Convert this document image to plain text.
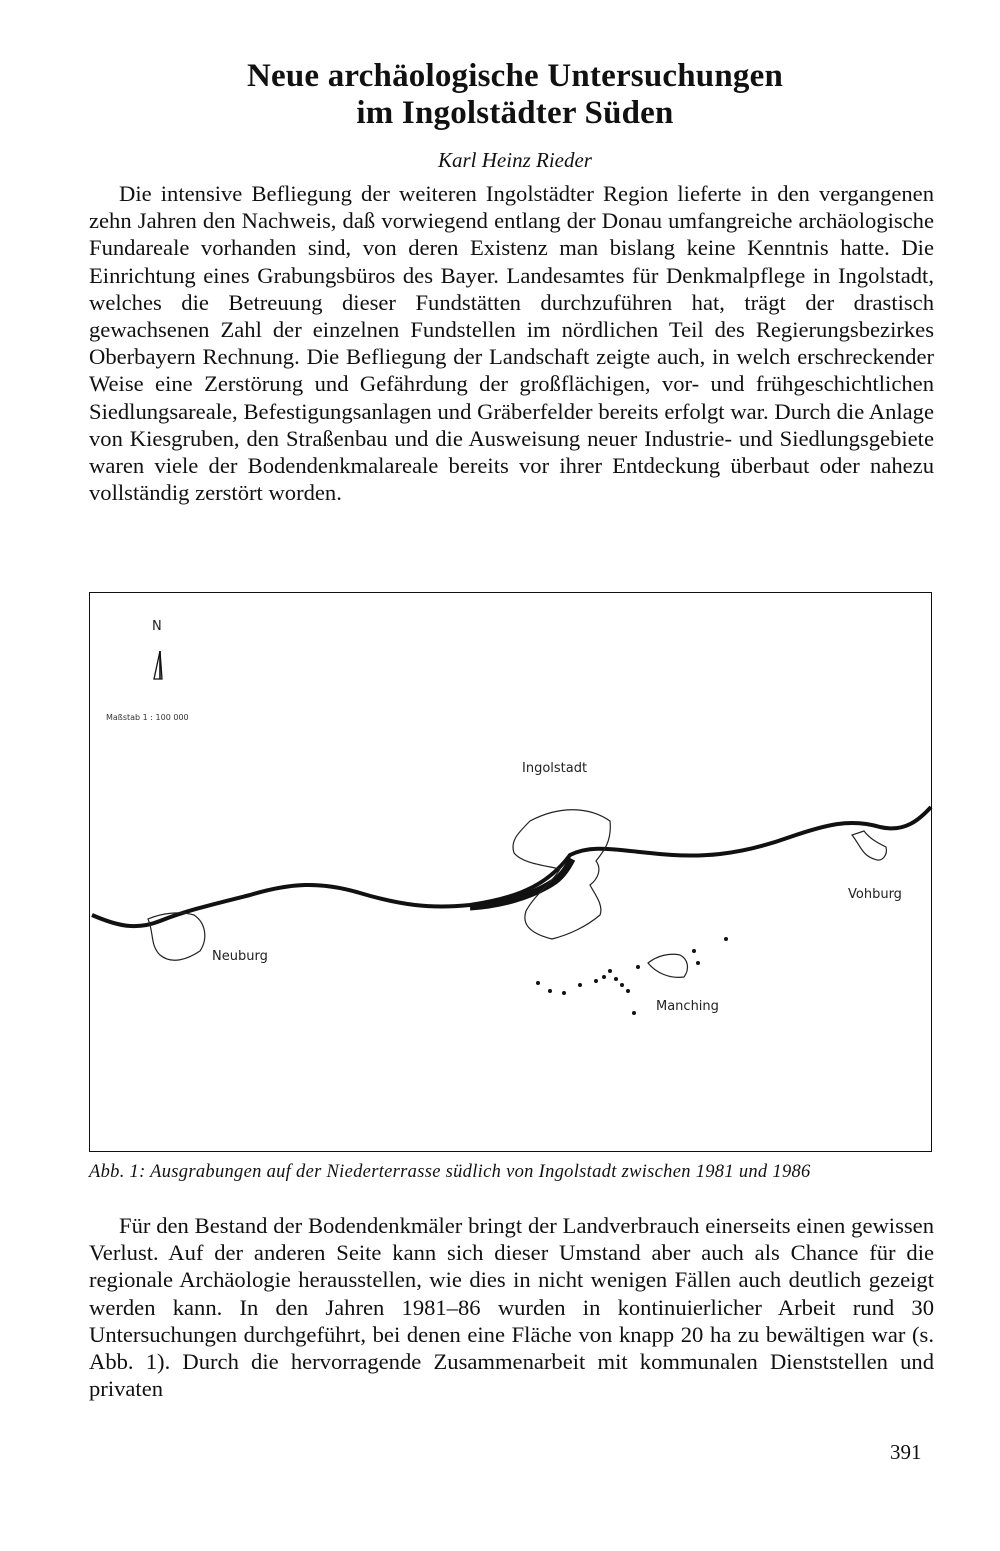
Neue archäologische Untersuchungen
im Ingolstädter Süden
Karl Heinz Rieder

Die intensive Befliegung der weiteren Ingolstädter Region lieferte in den vergangenen zehn Jahren den Nachweis, daß vorwiegend entlang der Donau umfangreiche archäologische Fundareale vorhanden sind, von deren Existenz man bislang keine Kenntnis hatte. Die Einrichtung eines Grabungsbüros des Bayer. Landesamtes für Denkmalpflege in Ingolstadt, welches die Betreuung dieser Fundstätten durchzuführen hat, trägt der drastisch gewachsenen Zahl der einzelnen Fundstellen im nördlichen Teil des Regierungsbezirkes Oberbayern Rechnung. Die Befliegung der Landschaft zeigte auch, in welch erschreckender Weise eine Zerstörung und Gefährdung der großflächigen, vor- und frühgeschichtlichen Siedlungsareale, Befestigungsanlagen und Gräberfelder bereits erfolgt war. Durch die Anlage von Kiesgruben, den Straßenbau und die Ausweisung neuer Industrie- und Siedlungsgebiete waren viele der Bodendenkmalareale bereits vor ihrer Entdeckung überbaut oder nahezu vollständig zerstört worden.

N
Maßstab 1 : 100 000
Ingolstadt
Neuburg
Vohburg
Manching
Abb. 1: Ausgrabungen auf der Niederterrasse südlich von Ingolstadt zwischen 1981 und 1986

Für den Bestand der Bodendenkmäler bringt der Landverbrauch einerseits einen gewissen Verlust. Auf der anderen Seite kann sich dieser Umstand aber auch als Chance für die regionale Archäologie herausstellen, wie dies in nicht wenigen Fällen auch deutlich gezeigt werden kann. In den Jahren 1981–86 wurden in kontinuierlicher Arbeit rund 30 Untersuchungen durchgeführt, bei denen eine Fläche von knapp 20 ha zu bewältigen war (s. Abb. 1). Durch die hervorragende Zusammenarbeit mit kommunalen Dienststellen und privaten

391
